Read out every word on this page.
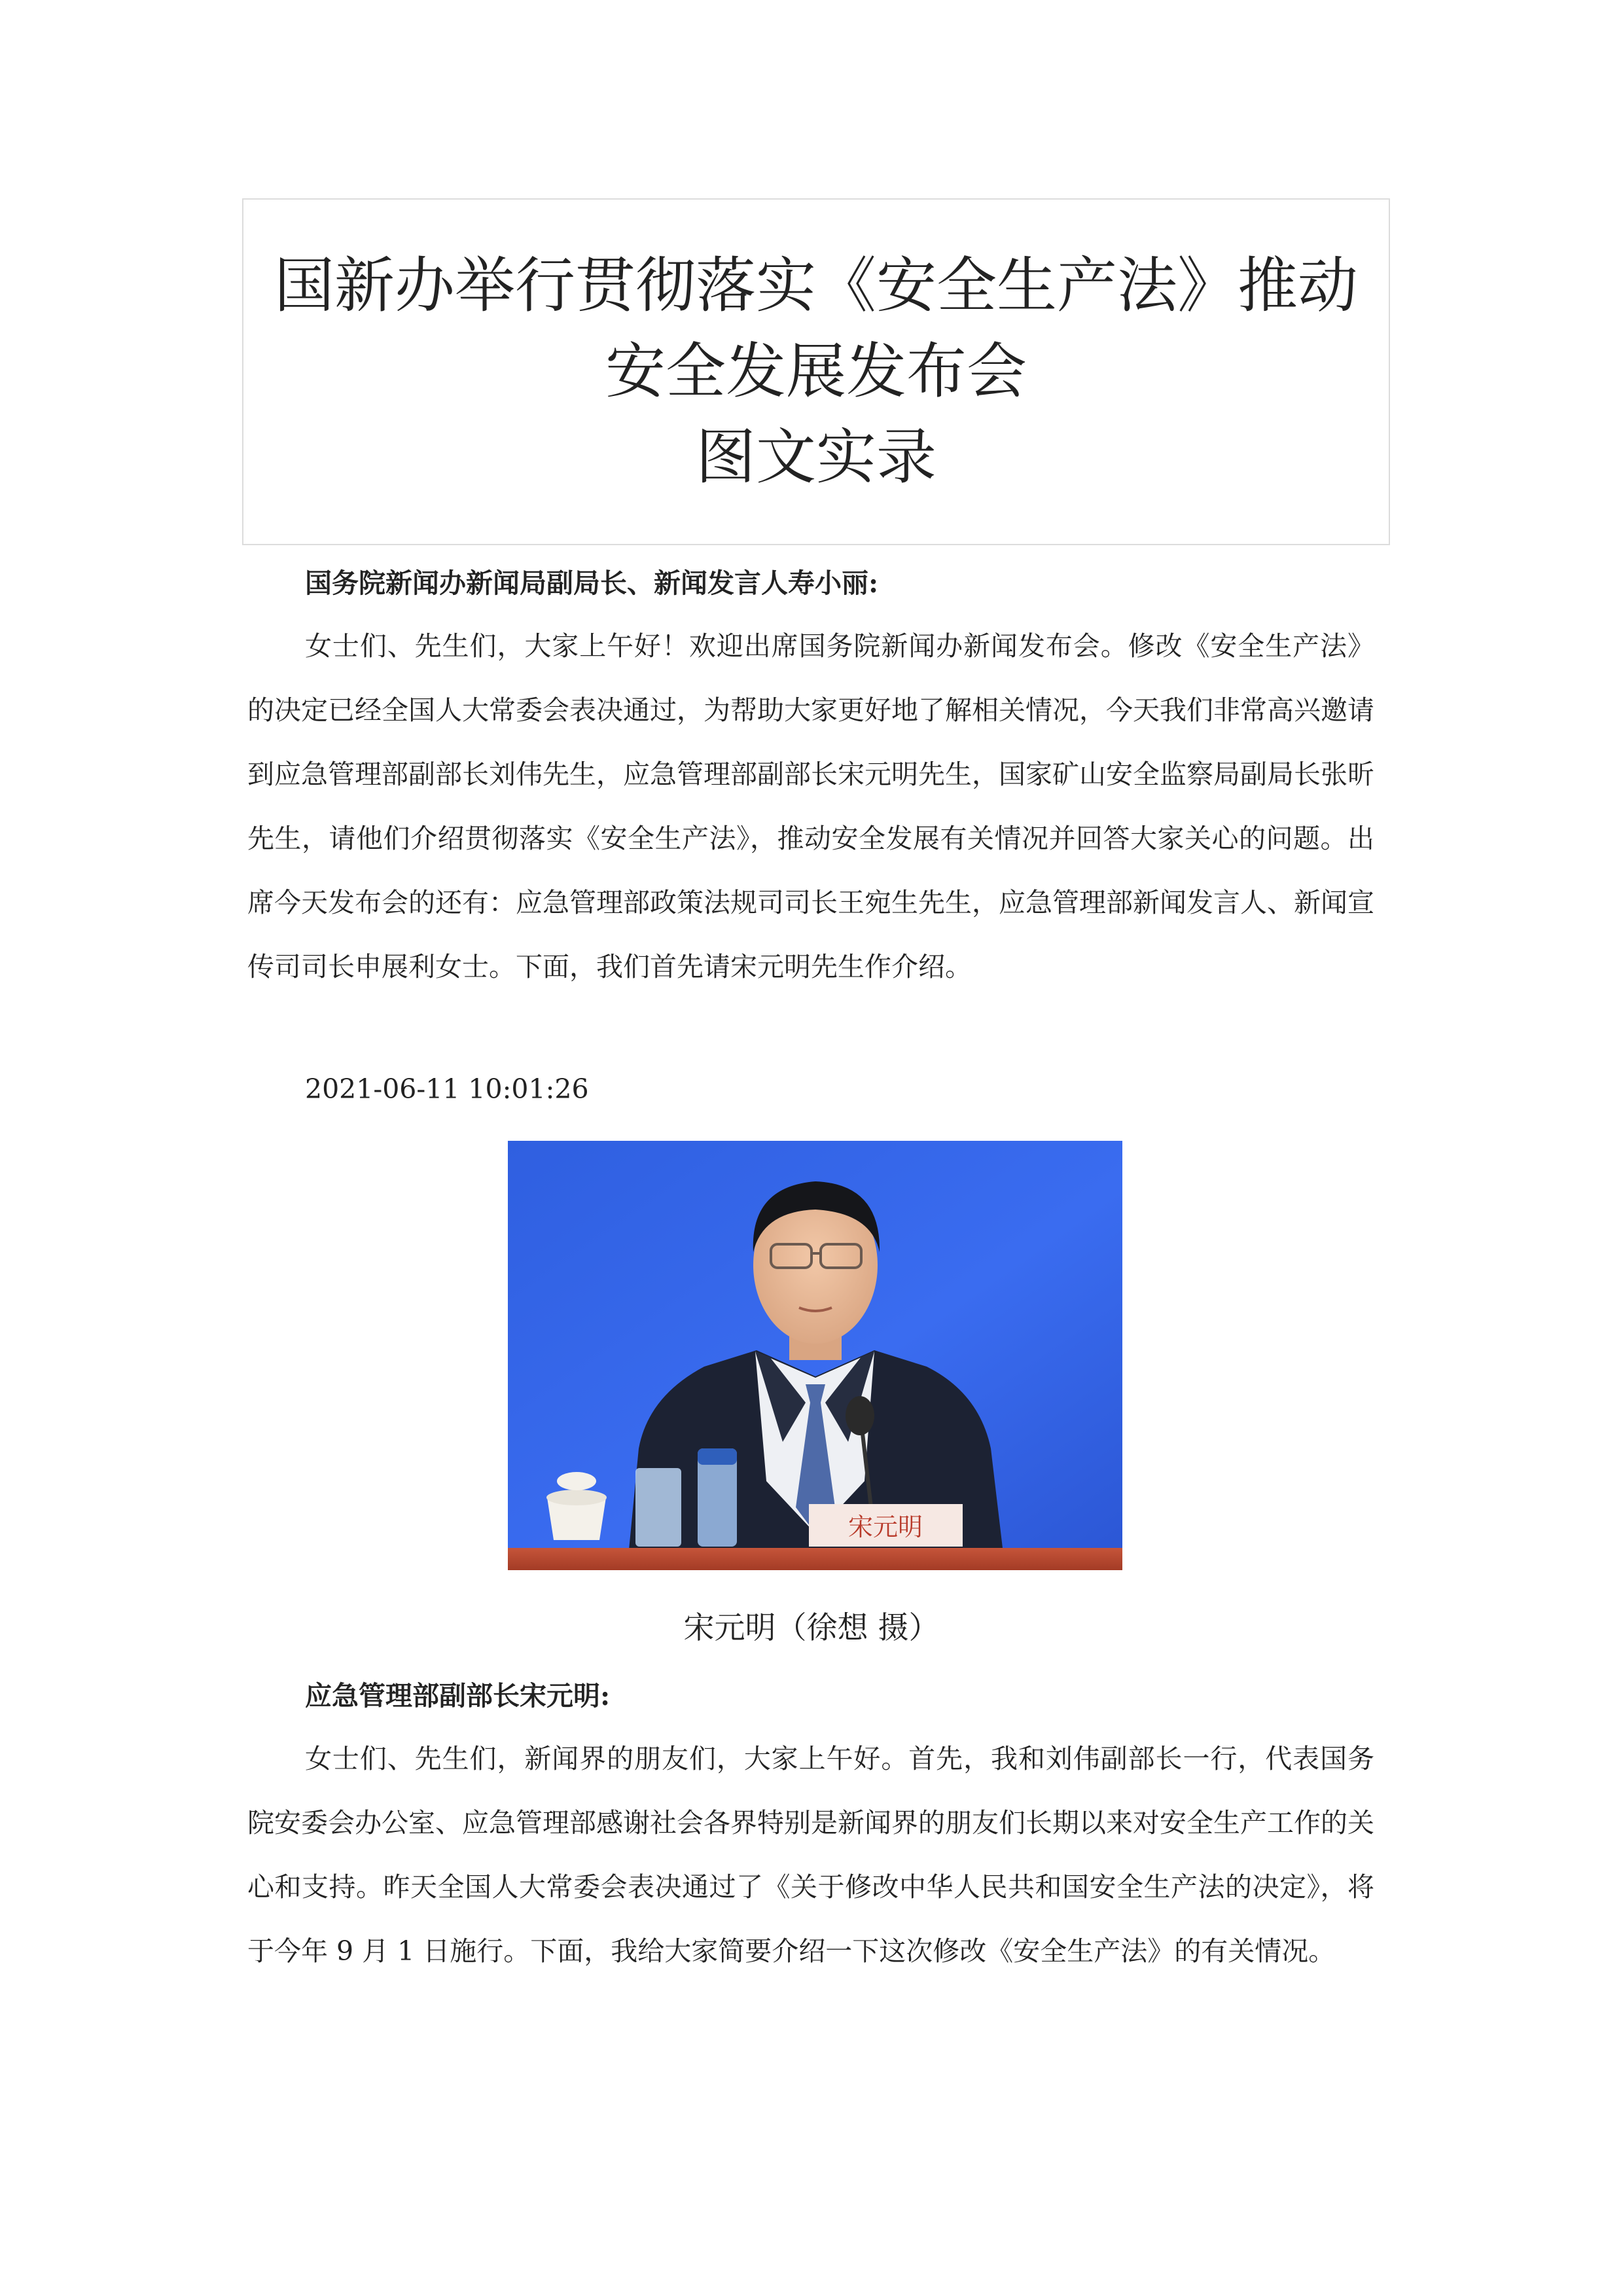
国新办举行贯彻落实《安全生产法》推动
安全发展发布会
图文实录
国务院新闻办新闻局副局长、新闻发言人寿小丽:
女士们、先生们，大家上午好！欢迎出席国务院新闻办新闻发布会。修改《安全生产法》的决定已经全国人大常委会表决通过，为帮助大家更好地了解相关情况，今天我们非常高兴邀请到应急管理部副部长刘伟先生，应急管理部副部长宋元明先生，国家矿山安全监察局副局长张昕先生，请他们介绍贯彻落实《安全生产法》，推动安全发展有关情况并回答大家关心的问题。出席今天发布会的还有：应急管理部政策法规司司长王宛生先生，应急管理部新闻发言人、新闻宣传司司长申展利女士。下面，我们首先请宋元明先生作介绍。
2021-06-11 10:01:26
宋元明
宋元明（徐想 摄）
应急管理部副部长宋元明:
女士们、先生们，新闻界的朋友们，大家上午好。首先，我和刘伟副部长一行，代表国务院安委会办公室、应急管理部感谢社会各界特别是新闻界的朋友们长期以来对安全生产工作的关心和支持。昨天全国人大常委会表决通过了《关于修改中华人民共和国安全生产法的决定》，将于今年 9 月 1 日施行。下面，我给大家简要介绍一下这次修改《安全生产法》的有关情况。
